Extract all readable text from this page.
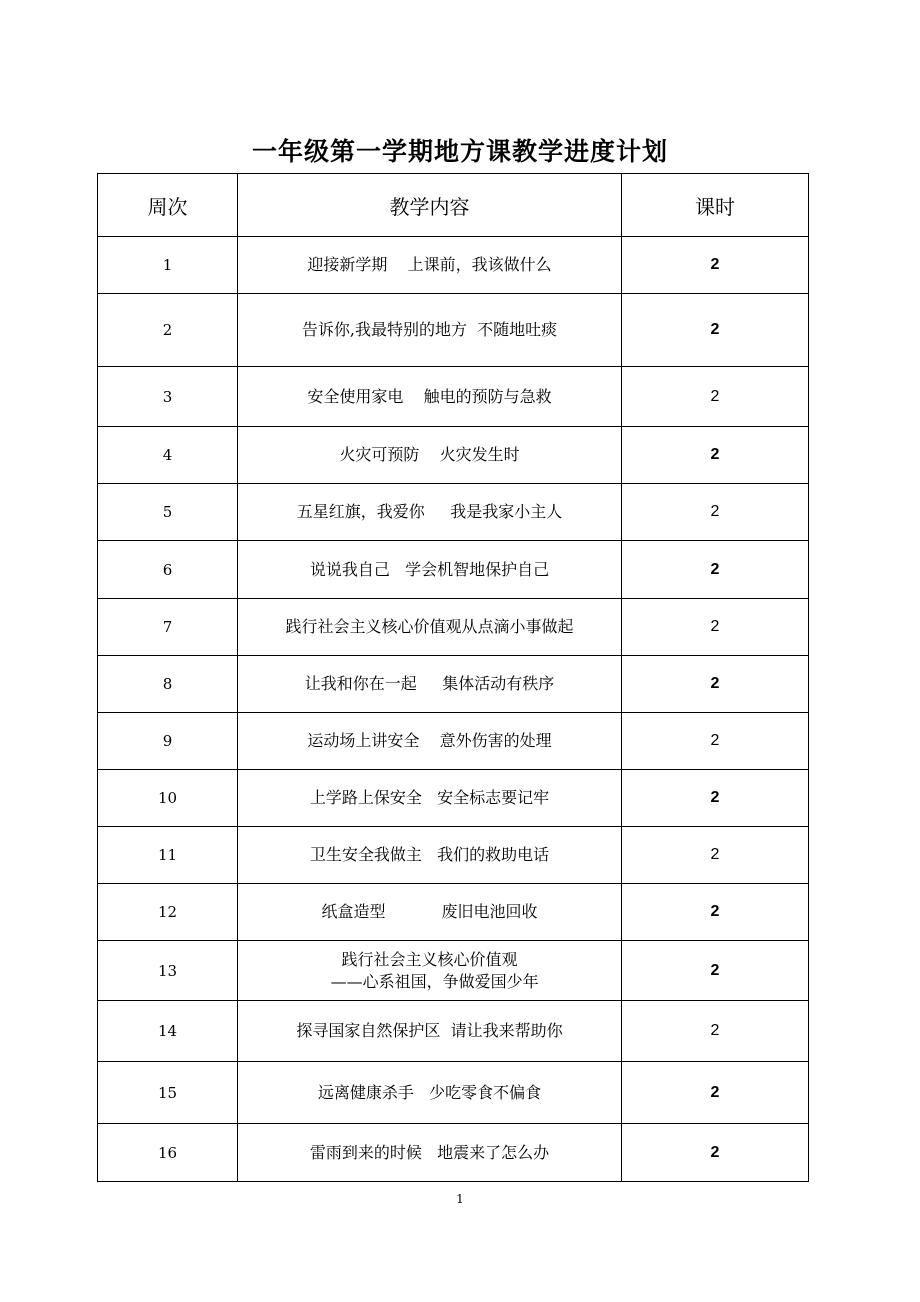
一年级第一学期地方课教学进度计划
周次	教学内容	课时
1	迎接新学期    上课前，我该做什么	2
2	告诉你,我最特别的地方  不随地吐痰	2
3	安全使用家电    触电的预防与急救	2
4	火灾可预防    火灾发生时	2
5	五星红旗，我爱你     我是我家小主人	2
6	说说我自己   学会机智地保护自己	2
7	践行社会主义核心价值观从点滴小事做起	2
8	让我和你在一起     集体活动有秩序	2
9	运动场上讲安全    意外伤害的处理	2
10	上学路上保安全   安全标志要记牢	2
11	卫生安全我做主   我们的救助电话	2
12	纸盒造型           废旧电池回收	2
13	践行社会主义核心价值观
——心系祖国，争做爱国少年	2
14	探寻国家自然保护区  请让我来帮助你	2
15	远离健康杀手   少吃零食不偏食	2
16	雷雨到来的时候   地震来了怎么办	2
1
